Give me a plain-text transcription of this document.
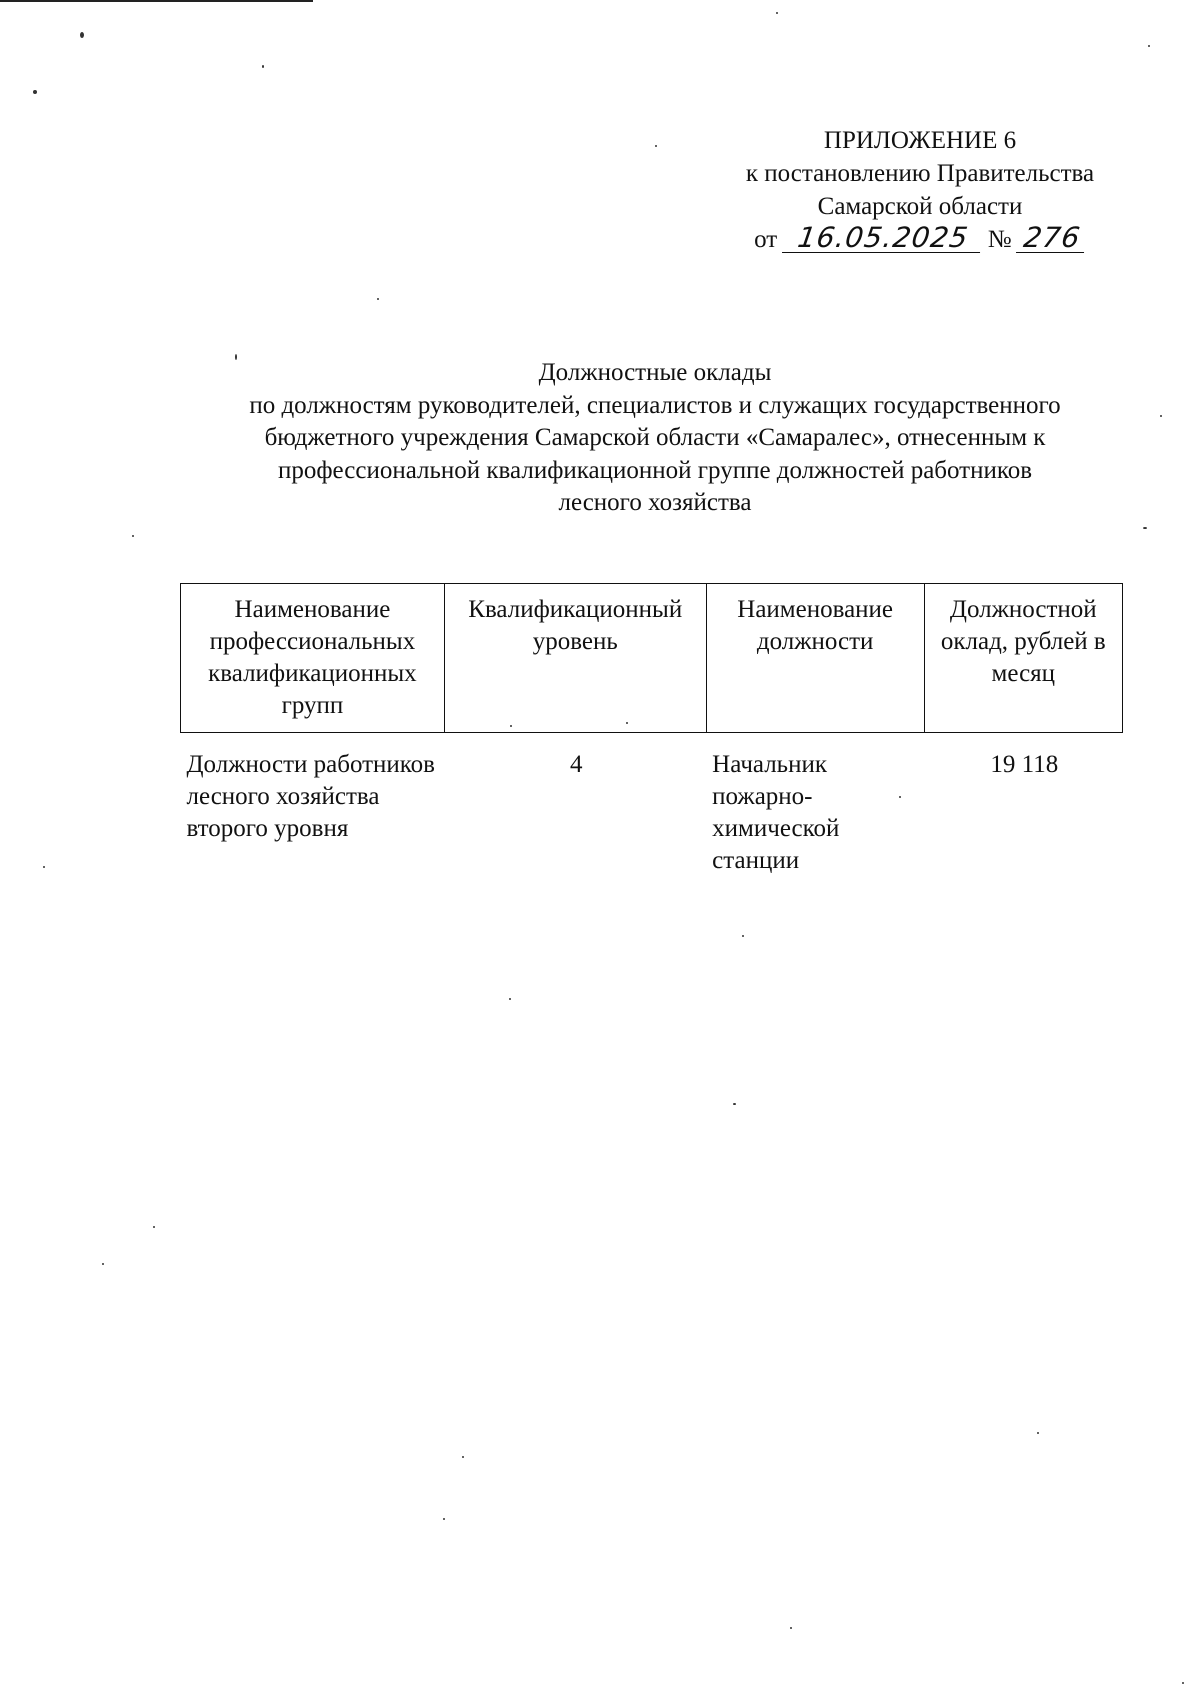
ПРИЛОЖЕНИЕ 6
к постановлению Правительства
Самарской области
от 16.05.2025 № 276
Должностные оклады
по должностям руководителей, специалистов и служащих государственного
бюджетного учреждения Самарской области «Самаралес», отнесенным к
профессиональной квалификационной группе должностей работников
лесного хозяйства
Наименование профессиональных квалификационных групп	Квалификационный уровень	Наименование должности	Должностной оклад, рублей в месяц
Должности работников лесного хозяйства второго уровня	4	Начальник пожарно-химической станции	19 118
